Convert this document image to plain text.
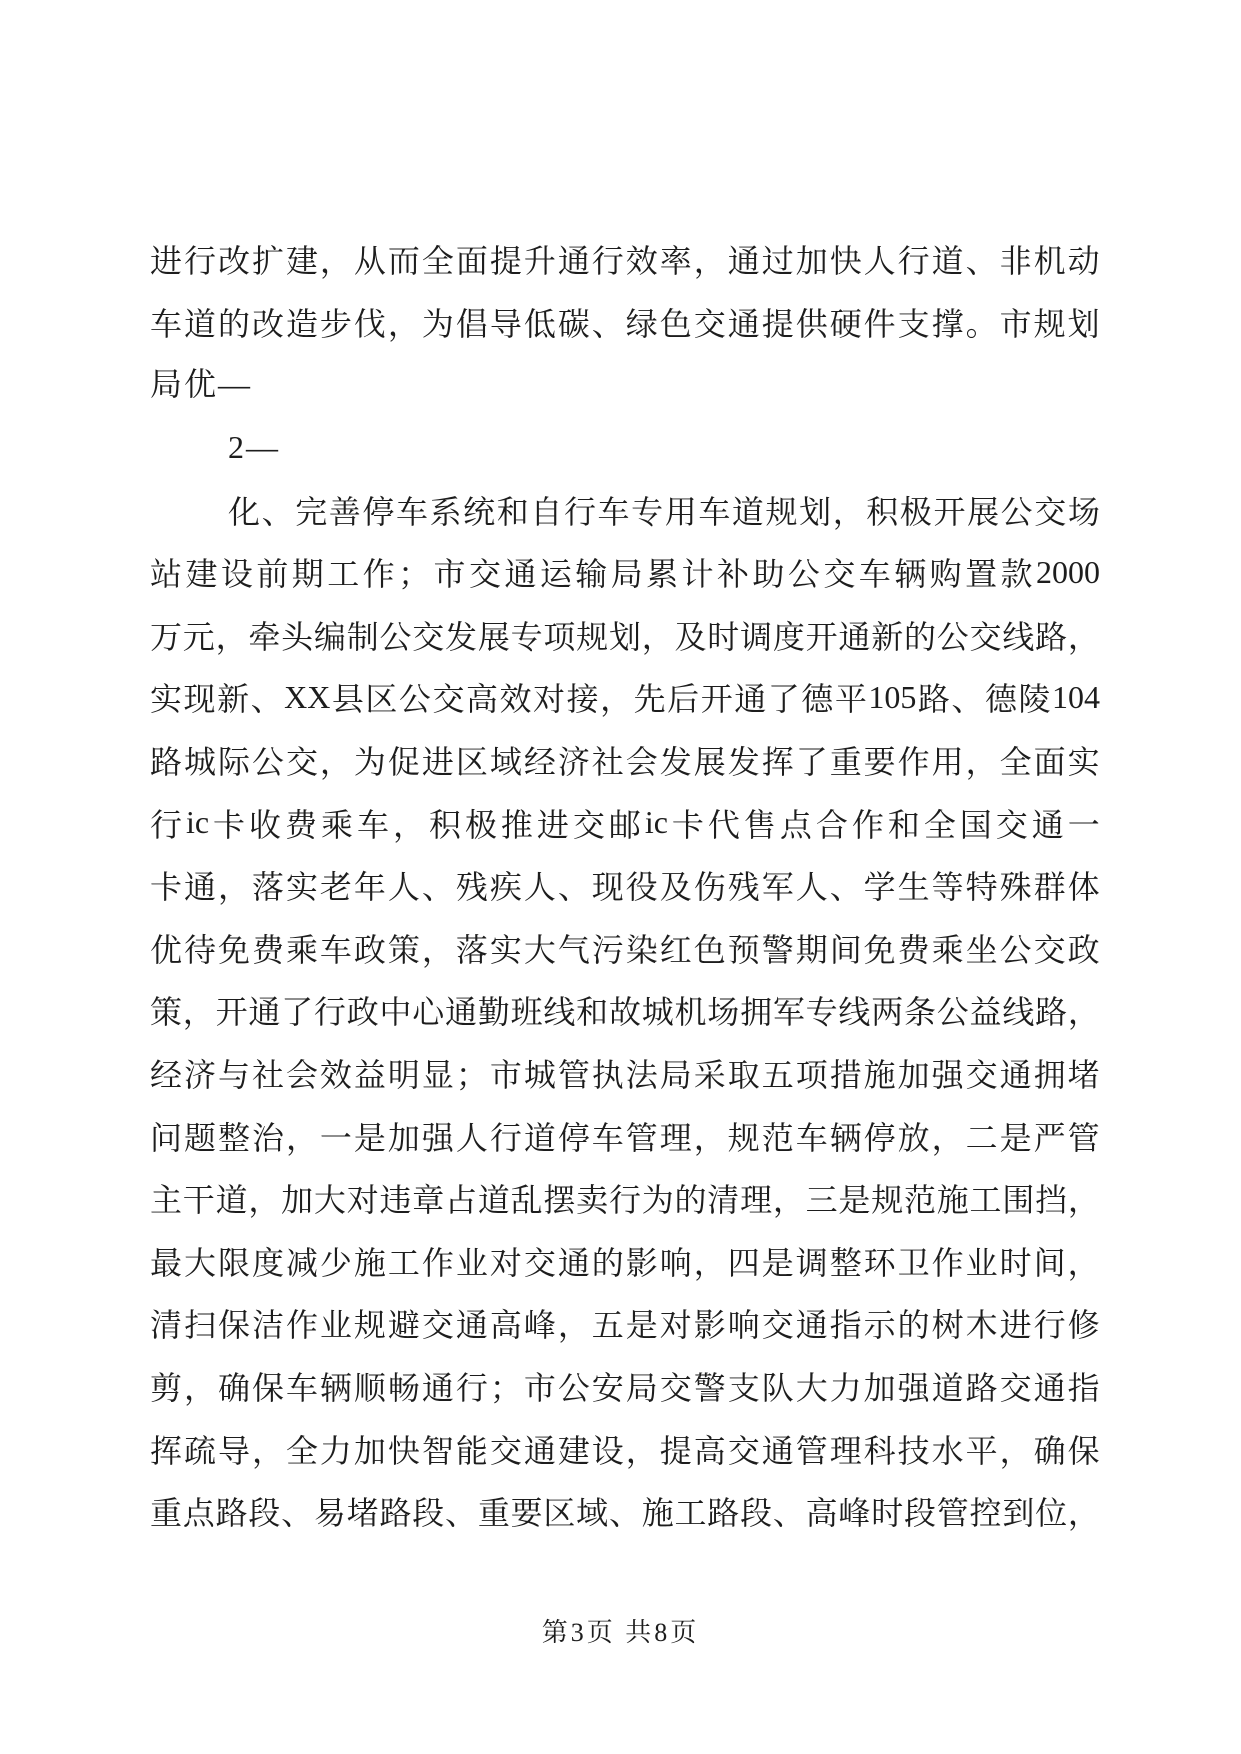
进 行 改 扩 建 ， 从 而 全 面 提 升 通 行 效 率 ， 通 过 加 快 人 行 道 、 非 机 动
车 道 的 改 造 步 伐 ， 为 倡 导 低 碳 、 绿 色 交 通 提 供 硬 件 支 撑 。 市 规 划
局优—
2—
化 、 完 善 停 车 系 统 和 自 行 车 专 用 车 道 规 划 ， 积 极 开 展 公 交 场
站 建 设 前 期 工 作 ； 市 交 通 运 输 局 累 计 补 助 公 交 车 辆 购 置 款 2000
万 元 ， 牵 头 编 制 公 交 发 展 专 项 规 划 ， 及 时 调 度 开 通 新 的 公 交 线 路 ，
实 现 新 、 XX 县 区 公 交 高 效 对 接 ， 先 后 开 通 了 德 平 105 路 、 德 陵 104
路 城 际 公 交 ， 为 促 进 区 域 经 济 社 会 发 展 发 挥 了 重 要 作 用 ， 全 面 实
行 ic 卡 收 费 乘 车 ， 积 极 推 进 交 邮 ic 卡 代 售 点 合 作 和 全 国 交 通 一
卡 通 ， 落 实 老 年 人 、 残 疾 人 、 现 役 及 伤 残 军 人 、 学 生 等 特 殊 群 体
优 待 免 费 乘 车 政 策 ， 落 实 大 气 污 染 红 色 预 警 期 间 免 费 乘 坐 公 交 政
策 ， 开 通 了 行 政 中 心 通 勤 班 线 和 故 城 机 场 拥 军 专 线 两 条 公 益 线 路 ，
经 济 与 社 会 效 益 明 显 ； 市 城 管 执 法 局 采 取 五 项 措 施 加 强 交 通 拥 堵
问 题 整 治 ， 一 是 加 强 人 行 道 停 车 管 理 ， 规 范 车 辆 停 放 ， 二 是 严 管
主 干 道 ， 加 大 对 违 章 占 道 乱 摆 卖 行 为 的 清 理 ， 三 是 规 范 施 工 围 挡 ，
最 大 限 度 减 少 施 工 作 业 对 交 通 的 影 响 ， 四 是 调 整 环 卫 作 业 时 间 ，
清 扫 保 洁 作 业 规 避 交 通 高 峰 ， 五 是 对 影 响 交 通 指 示 的 树 木 进 行 修
剪 ， 确 保 车 辆 顺 畅 通 行 ； 市 公 安 局 交 警 支 队 大 力 加 强 道 路 交 通 指
挥 疏 导 ， 全 力 加 快 智 能 交 通 建 设 ， 提 高 交 通 管 理 科 技 水 平 ， 确 保
重 点 路 段 、 易 堵 路 段 、 重 要 区 域 、 施 工 路 段 、 高 峰 时 段 管 控 到 位 ，
第3页 共8页
